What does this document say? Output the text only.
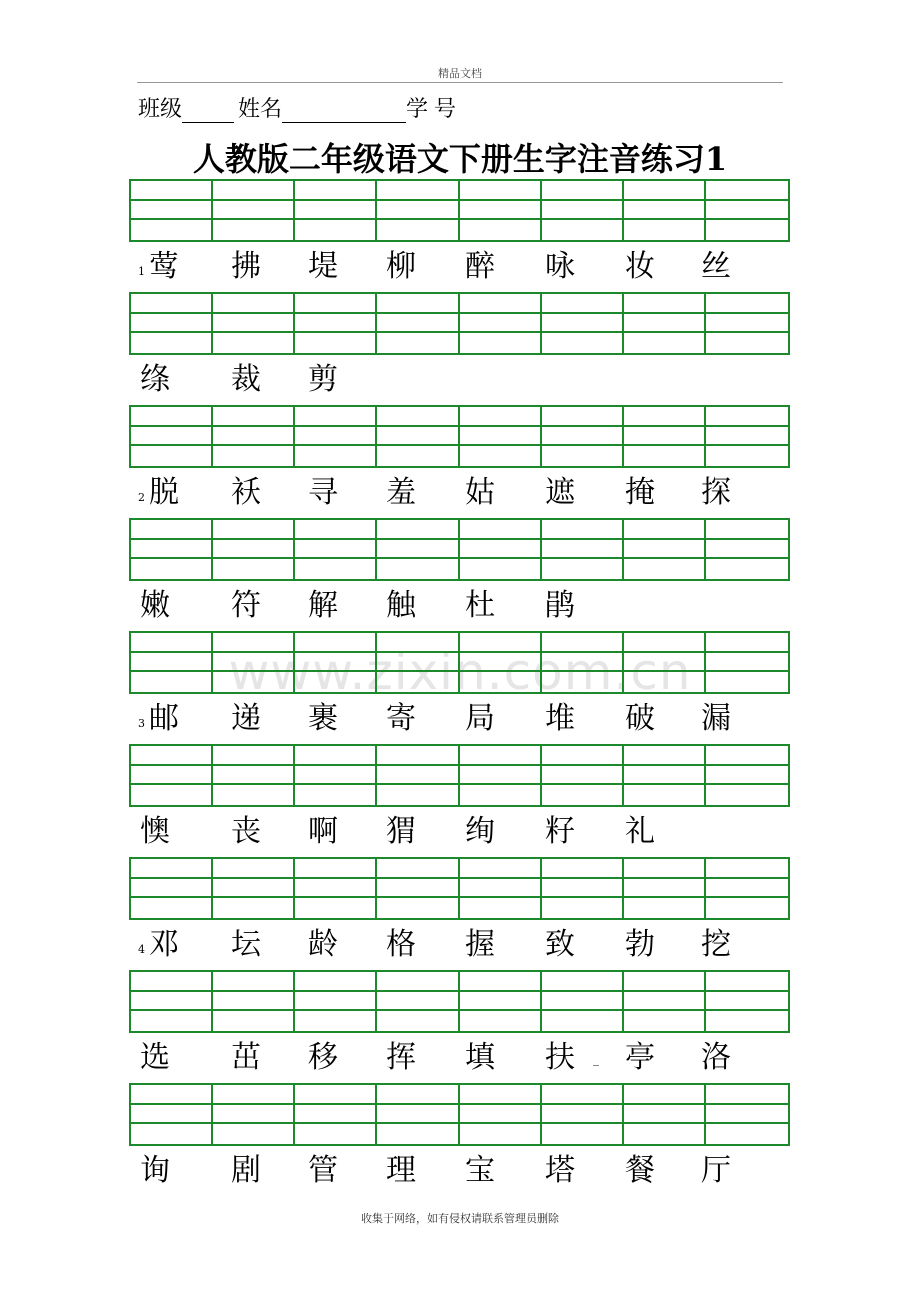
精品文档
班级	姓名	学号
人教版二年级语文下册生字注音练习1
www.zixin.com.cn
1 莺 拂 堤 柳 醉 咏 妆 丝
绦 裁 剪
2 脱 袄 寻 羞 姑 遮 掩 探
嫩 符 解 触 杜 鹃
3 邮 递 裹 寄 局 堆 破 漏
懊 丧 啊 猬 绚 籽 礼
4 邓 坛 龄 格 握 致 勃 挖
选 茁 移 挥 填 扶 亭 洛
_
询 剧 管 理 宝 塔 餐 厅
收集于网络，如有侵权请联系管理员删除
